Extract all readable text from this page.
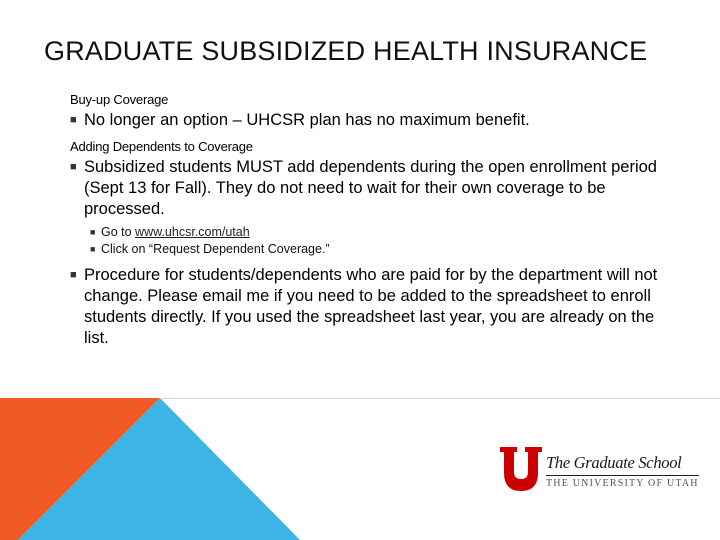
GRADUATE SUBSIDIZED HEALTH INSURANCE

Buy-up Coverage

■ No longer an option – UHCSR plan has no maximum benefit.

Adding Dependents to Coverage

■ Subsidized students MUST add dependents during the open enrollment period (Sept 13 for Fall). They do not need to wait for their own coverage to be processed.
■ Go to www.uhcsr.com/utah
■ Click on “Request Dependent Coverage.”
■ Procedure for students/dependents who are paid for by the department will not change. Please email me if you need to be added to the spreadsheet to enroll students directly. If you used the spreadsheet last year, you are already on the list.
The Graduate School
THE UNIVERSITY OF UTAH
